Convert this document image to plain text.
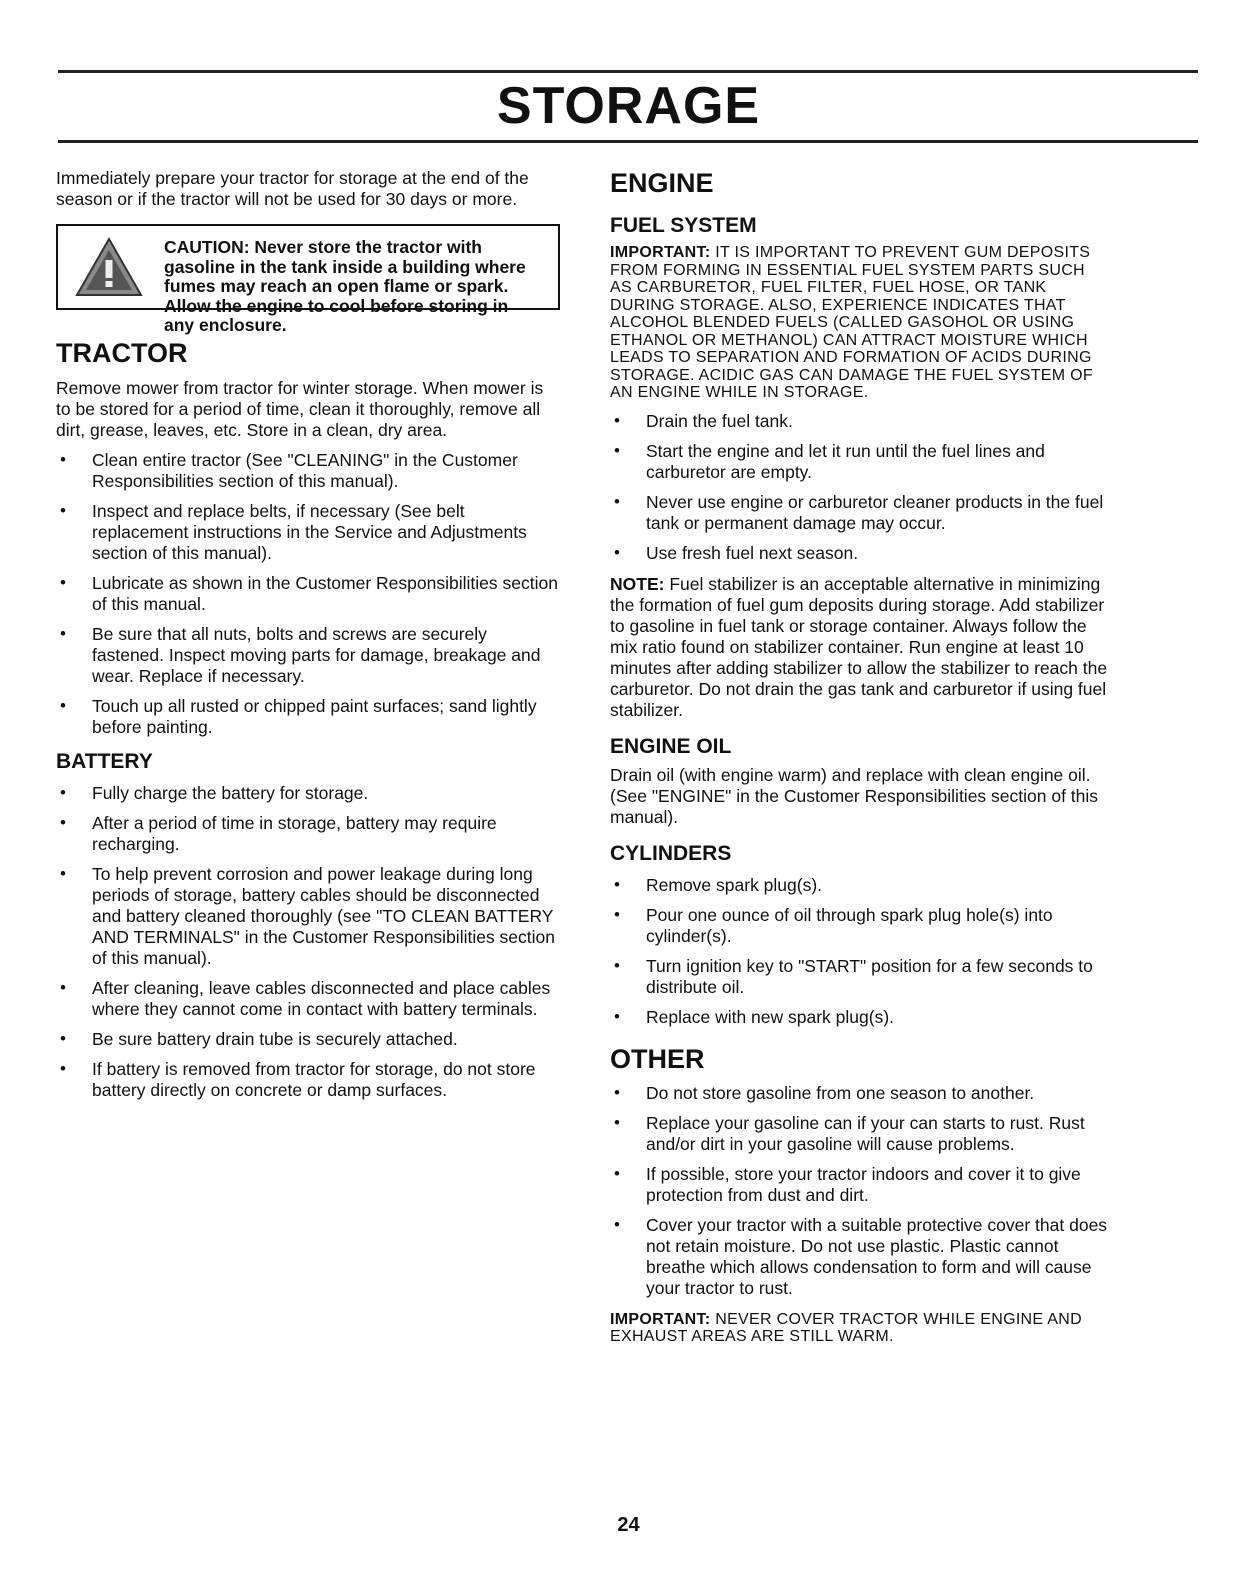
STORAGE

Immediately prepare your tractor for storage at the end of the season or if the tractor will not be used for 30 days or more.

CAUTION: Never store the tractor with gasoline in the tank inside a building where fumes may reach an open flame or spark. Allow the engine to cool before storing in any enclosure.
TRACTOR

Remove mower from tractor for winter storage. When mower is to be stored for a period of time, clean it thoroughly, remove all dirt, grease, leaves, etc. Store in a clean, dry area.

• Clean entire tractor (See "CLEANING" in the Customer Responsibilities section of this manual).
• Inspect and replace belts, if necessary (See belt replacement instructions in the Service and Adjustments section of this manual).
• Lubricate as shown in the Customer Responsibilities section of this manual.
• Be sure that all nuts, bolts and screws are securely fastened. Inspect moving parts for damage, breakage and wear. Replace if necessary.
• Touch up all rusted or chipped paint surfaces; sand lightly before painting.
BATTERY
• Fully charge the battery for storage.
• After a period of time in storage, battery may require recharging.
• To help prevent corrosion and power leakage during long periods of storage, battery cables should be disconnected and battery cleaned thoroughly (see "TO CLEAN BATTERY AND TERMINALS" in the Customer Responsibilities section of this manual).
• After cleaning, leave cables disconnected and place cables where they cannot come in contact with battery terminals.
• Be sure battery drain tube is securely attached.
• If battery is removed from tractor for storage, do not store battery directly on concrete or damp surfaces.
ENGINE
FUEL SYSTEM

IMPORTANT: IT IS IMPORTANT TO PREVENT GUM DEPOSITS FROM FORMING IN ESSENTIAL FUEL SYSTEM PARTS SUCH AS CARBURETOR, FUEL FILTER, FUEL HOSE, OR TANK DURING STORAGE. ALSO, EXPERIENCE INDICATES THAT ALCOHOL BLENDED FUELS (CALLED GASOHOL OR USING ETHANOL OR METHANOL) CAN ATTRACT MOISTURE WHICH LEADS TO SEPARATION AND FORMATION OF ACIDS DURING STORAGE. ACIDIC GAS CAN DAMAGE THE FUEL SYSTEM OF AN ENGINE WHILE IN STORAGE.

• Drain the fuel tank.
• Start the engine and let it run until the fuel lines and carburetor are empty.
• Never use engine or carburetor cleaner products in the fuel tank or permanent damage may occur.
• Use fresh fuel next season.

NOTE: Fuel stabilizer is an acceptable alternative in minimizing the formation of fuel gum deposits during storage. Add stabilizer to gasoline in fuel tank or storage container. Always follow the mix ratio found on stabilizer container. Run engine at least 10 minutes after adding stabilizer to allow the stabilizer to reach the carburetor. Do not drain the gas tank and carburetor if using fuel stabilizer.

ENGINE OIL

Drain oil (with engine warm) and replace with clean engine oil. (See "ENGINE" in the Customer Responsibilities section of this manual).

CYLINDERS
• Remove spark plug(s).
• Pour one ounce of oil through spark plug hole(s) into cylinder(s).
• Turn ignition key to "START" position for a few seconds to distribute oil.
• Replace with new spark plug(s).
OTHER
• Do not store gasoline from one season to another.
• Replace your gasoline can if your can starts to rust. Rust and/or dirt in your gasoline will cause problems.
• If possible, store your tractor indoors and cover it to give protection from dust and dirt.
• Cover your tractor with a suitable protective cover that does not retain moisture. Do not use plastic. Plastic cannot breathe which allows condensation to form and will cause your tractor to rust.

IMPORTANT: NEVER COVER TRACTOR WHILE ENGINE AND EXHAUST AREAS ARE STILL WARM.

24
